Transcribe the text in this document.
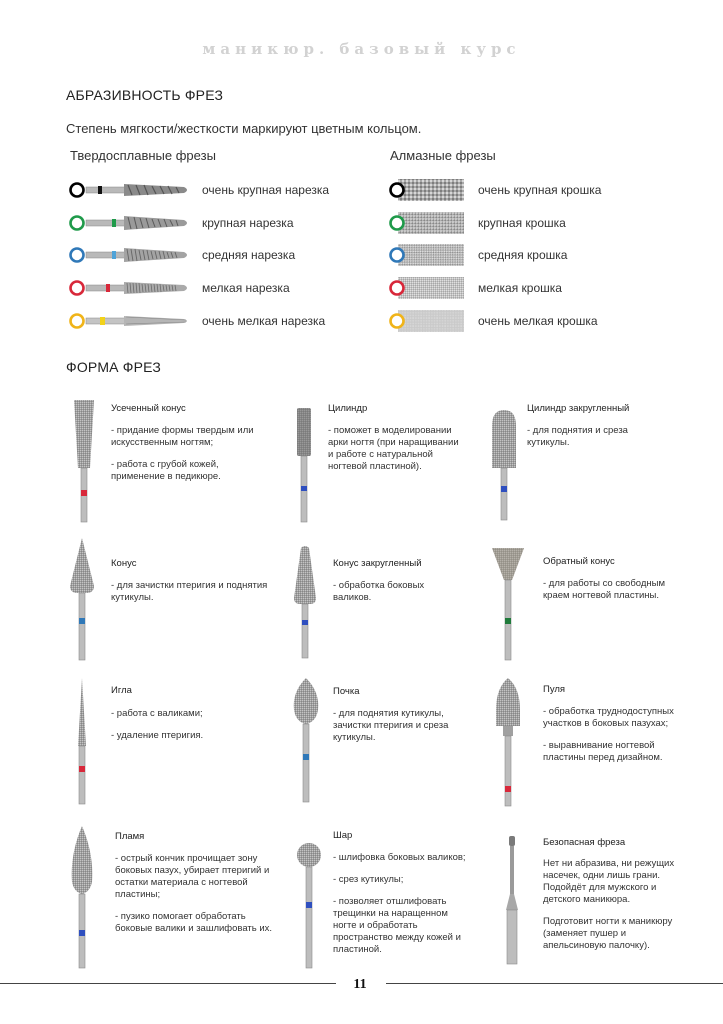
маникюр. базовый курс
АБРАЗИВНОСТЬ ФРЕЗ
Степень мягкости/жесткости маркируют цветным кольцом.
Твердосплавные фрезы	Алмазные фрезы
очень крупная нарезка
крупная нарезка
средняя нарезка
мелкая нарезка
очень мелкая нарезка
очень крупная крошка
крупная крошка
средняя крошка
мелкая крошка
очень мелкая крошка
ФОРМА ФРЕЗ
Усеченный конус

- придание формы твердым или искусственным ногтям;

- работа с грубой кожей, применение в педикюре.

Цилиндр

- поможет в моделировании арки ногтя (при наращивании и работе с натуральной ногтевой пластиной).

Цилиндр закругленный

- для поднятия и среза кутикулы.

Конус

- для зачистки птеригия и поднятия кутикулы.

Конус закругленный

- обработка боковых валиков.

Обратный конус

- для работы со свободным краем ногтевой пластины.

Игла

- работа с валиками;

- удаление птеригия.

Почка

- для поднятия кутикулы, зачистки птеригия и среза кутикулы.

Пуля

- обработка труднодоступных участков в боковых пазухах;

- выравнивание ногтевой пластины перед дизайном.

Пламя

- острый кончик прочищает зону боковых пазух, убирает птеригий и остатки материала с ногтевой пластины;

- пузико помогает обработать боковые валики и зашлифовать их.

Шар

- шлифовка боковых валиков;

- срез кутикулы;

- позволяет отшлифовать трещинки на наращенном ногте и обработать пространство между кожей и пластиной.

Безопасная фреза

Нет ни абразива, ни режущих насечек, одни лишь грани. Подойдёт для мужского и детского маникюра.

Подготовит ногти к маникюру (заменяет пушер и апельсиновую палочку).

11
